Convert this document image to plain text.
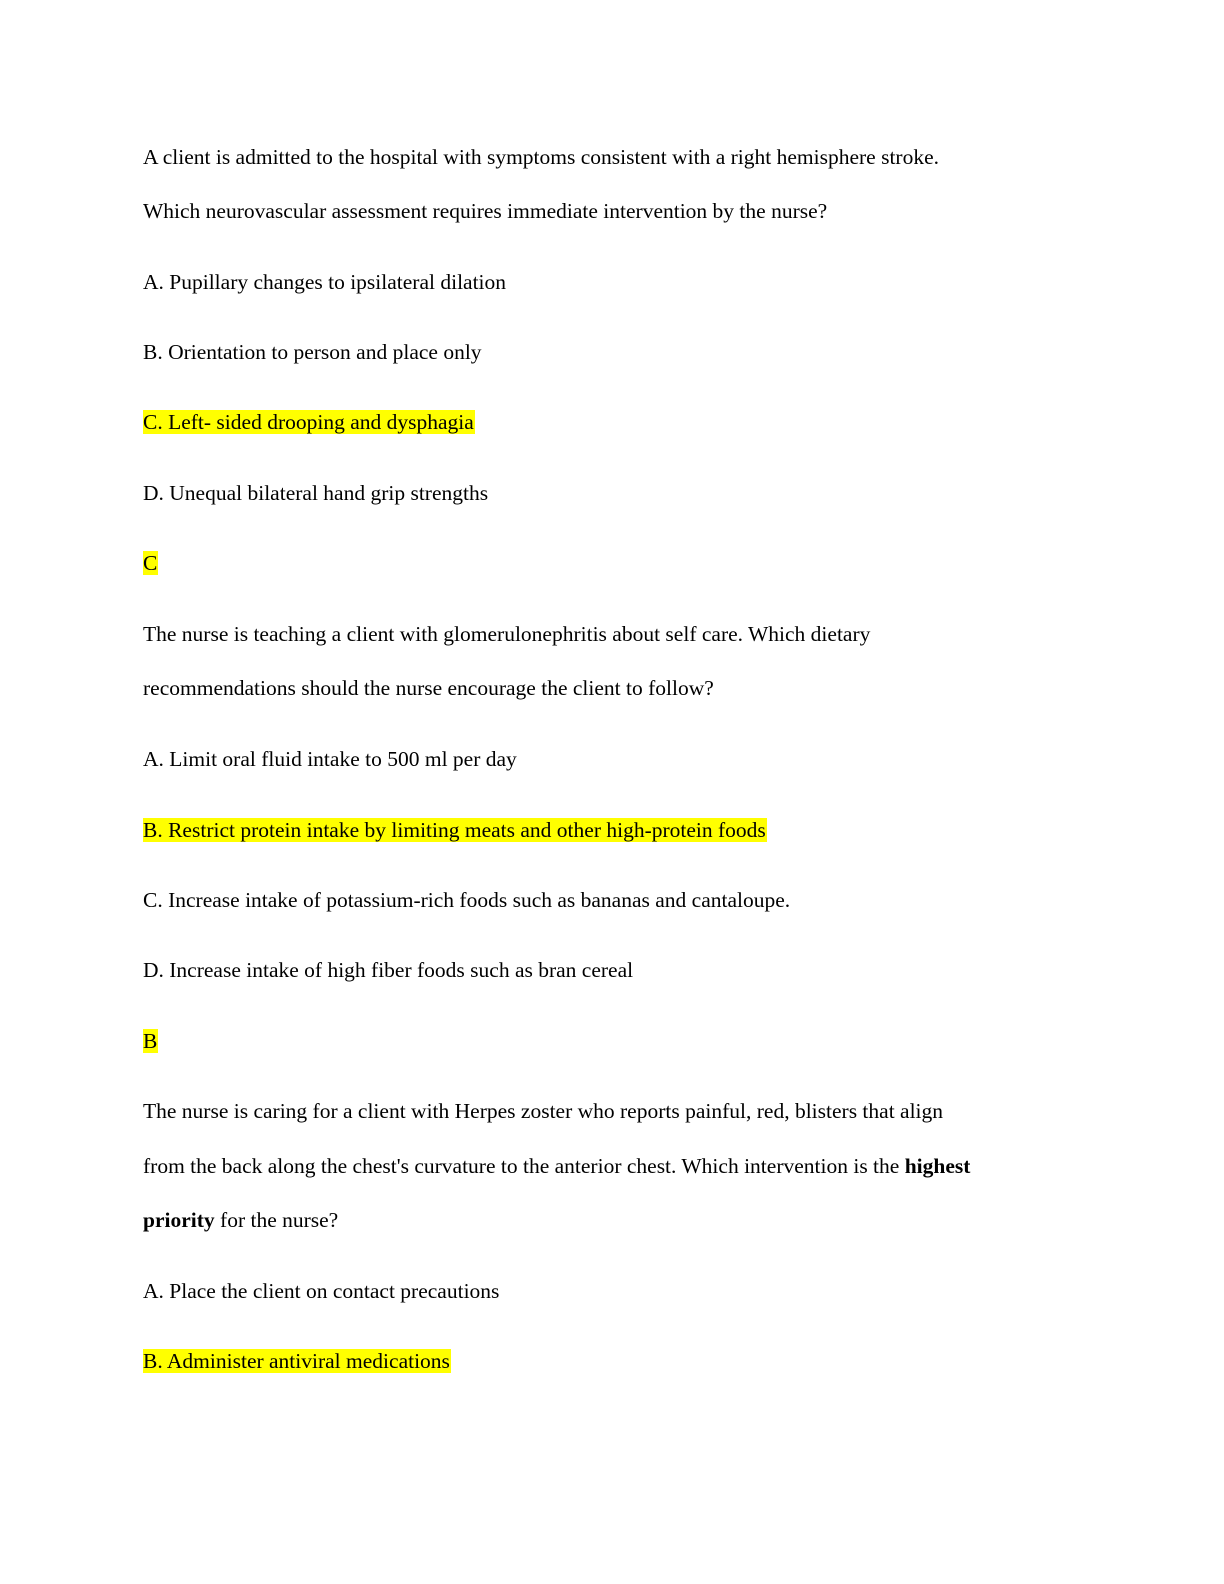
A client is admitted to the hospital with symptoms consistent with a right hemisphere stroke.
Which neurovascular assessment requires immediate intervention by the nurse?
A. Pupillary changes to ipsilateral dilation
B. Orientation to person and place only
C. Left- sided drooping and dysphagia
D. Unequal bilateral hand grip strengths
C
The nurse is teaching a client with glomerulonephritis about self care. Which dietary
recommendations should the nurse encourage the client to follow?
A. Limit oral fluid intake to 500 ml per day
B. Restrict protein intake by limiting meats and other high-protein foods
C. Increase intake of potassium-rich foods such as bananas and cantaloupe.
D. Increase intake of high fiber foods such as bran cereal
B
The nurse is caring for a client with Herpes zoster who reports painful, red, blisters that align
from the back along the chest's curvature to the anterior chest. Which intervention is the highest
priority for the nurse?
A. Place the client on contact precautions
B. Administer antiviral medications
